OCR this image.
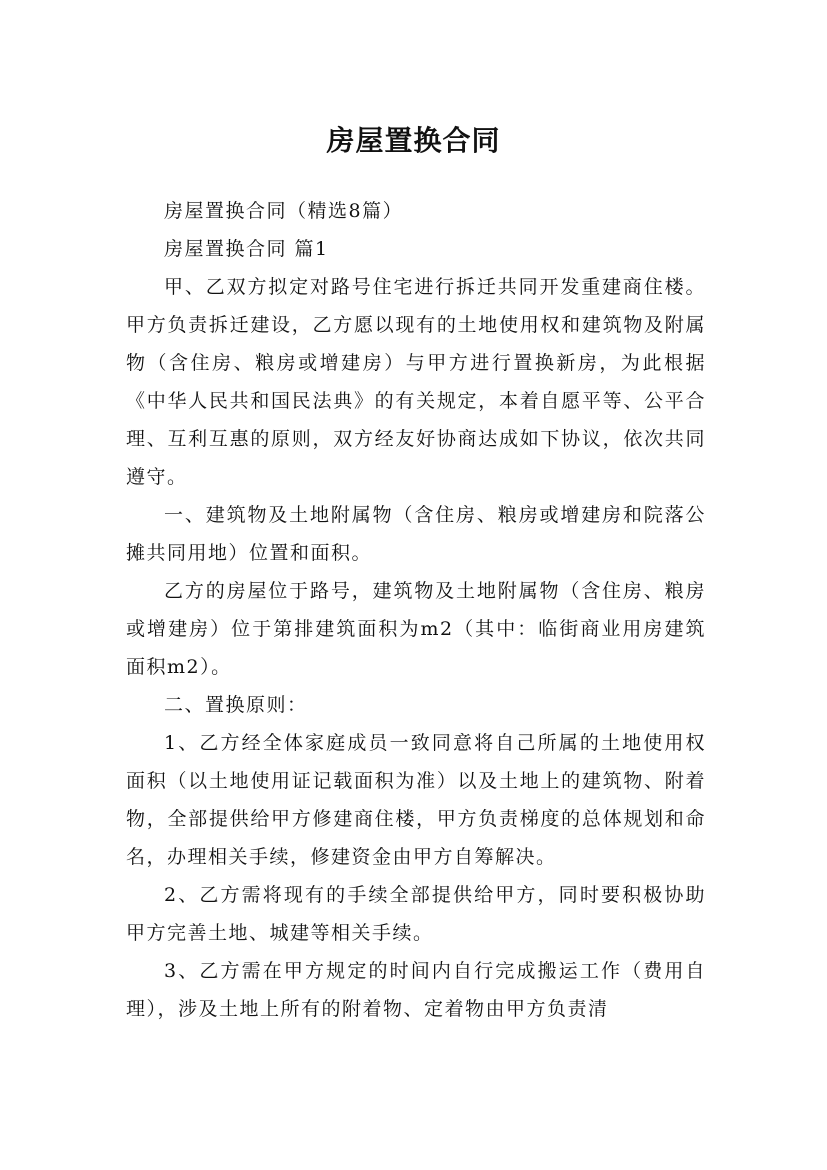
房屋置换合同

房屋置换合同（精选8篇）

房屋置换合同 篇1

甲、乙双方拟定对路号住宅进行拆迁共同开发重建商住楼。甲方负责拆迁建设，乙方愿以现有的土地使用权和建筑物及附属物（含住房、粮房或增建房）与甲方进行置换新房，为此根据《中华人民共和国民法典》的有关规定，本着自愿平等、公平合理、互利互惠的原则，双方经友好协商达成如下协议，依次共同遵守。

一、建筑物及土地附属物（含住房、粮房或增建房和院落公摊共同用地）位置和面积。

乙方的房屋位于路号，建筑物及土地附属物（含住房、粮房或增建房）位于第排建筑面积为m2（其中：临街商业用房建筑面积m2）。

二、置换原则：

1、乙方经全体家庭成员一致同意将自己所属的土地使用权面积（以土地使用证记载面积为准）以及土地上的建筑物、附着物，全部提供给甲方修建商住楼，甲方负责梯度的总体规划和命名，办理相关手续，修建资金由甲方自筹解决。

2、乙方需将现有的手续全部提供给甲方，同时要积极协助甲方完善土地、城建等相关手续。

3、乙方需在甲方规定的时间内自行完成搬运工作（费用自理），涉及土地上所有的附着物、定着物由甲方负责清
